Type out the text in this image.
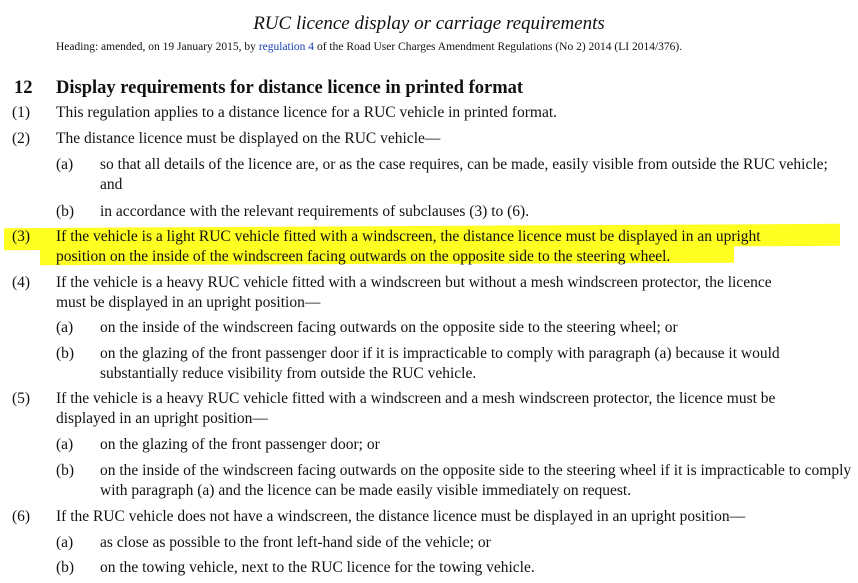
RUC licence display or carriage requirements
Heading: amended, on 19 January 2015, by regulation 4 of the Road User Charges Amendment Regulations (No 2) 2014 (LI 2014/376).
12 Display requirements for distance licence in printed format
(1) This regulation applies to a distance licence for a RUC vehicle in printed format.
(2) The distance licence must be displayed on the RUC vehicle—
(a) so that all details of the licence are, or as the case requires, can be made, easily visible from outside the RUC vehicle; and
(b) in accordance with the relevant requirements of subclauses (3) to (6).
(3) If the vehicle is a light RUC vehicle fitted with a windscreen, the distance licence must be displayed in an upright position on the inside of the windscreen facing outwards on the opposite side to the steering wheel.
(4) If the vehicle is a heavy RUC vehicle fitted with a windscreen but without a mesh windscreen protector, the licence must be displayed in an upright position—
(a) on the inside of the windscreen facing outwards on the opposite side to the steering wheel; or
(b) on the glazing of the front passenger door if it is impracticable to comply with paragraph (a) because it would substantially reduce visibility from outside the RUC vehicle.
(5) If the vehicle is a heavy RUC vehicle fitted with a windscreen and a mesh windscreen protector, the licence must be displayed in an upright position—
(a) on the glazing of the front passenger door; or
(b) on the inside of the windscreen facing outwards on the opposite side to the steering wheel if it is impracticable to comply with paragraph (a) and the licence can be made easily visible immediately on request.
(6) If the RUC vehicle does not have a windscreen, the distance licence must be displayed in an upright position—
(a) as close as possible to the front left-hand side of the vehicle; or
(b) on the towing vehicle, next to the RUC licence for the towing vehicle.
